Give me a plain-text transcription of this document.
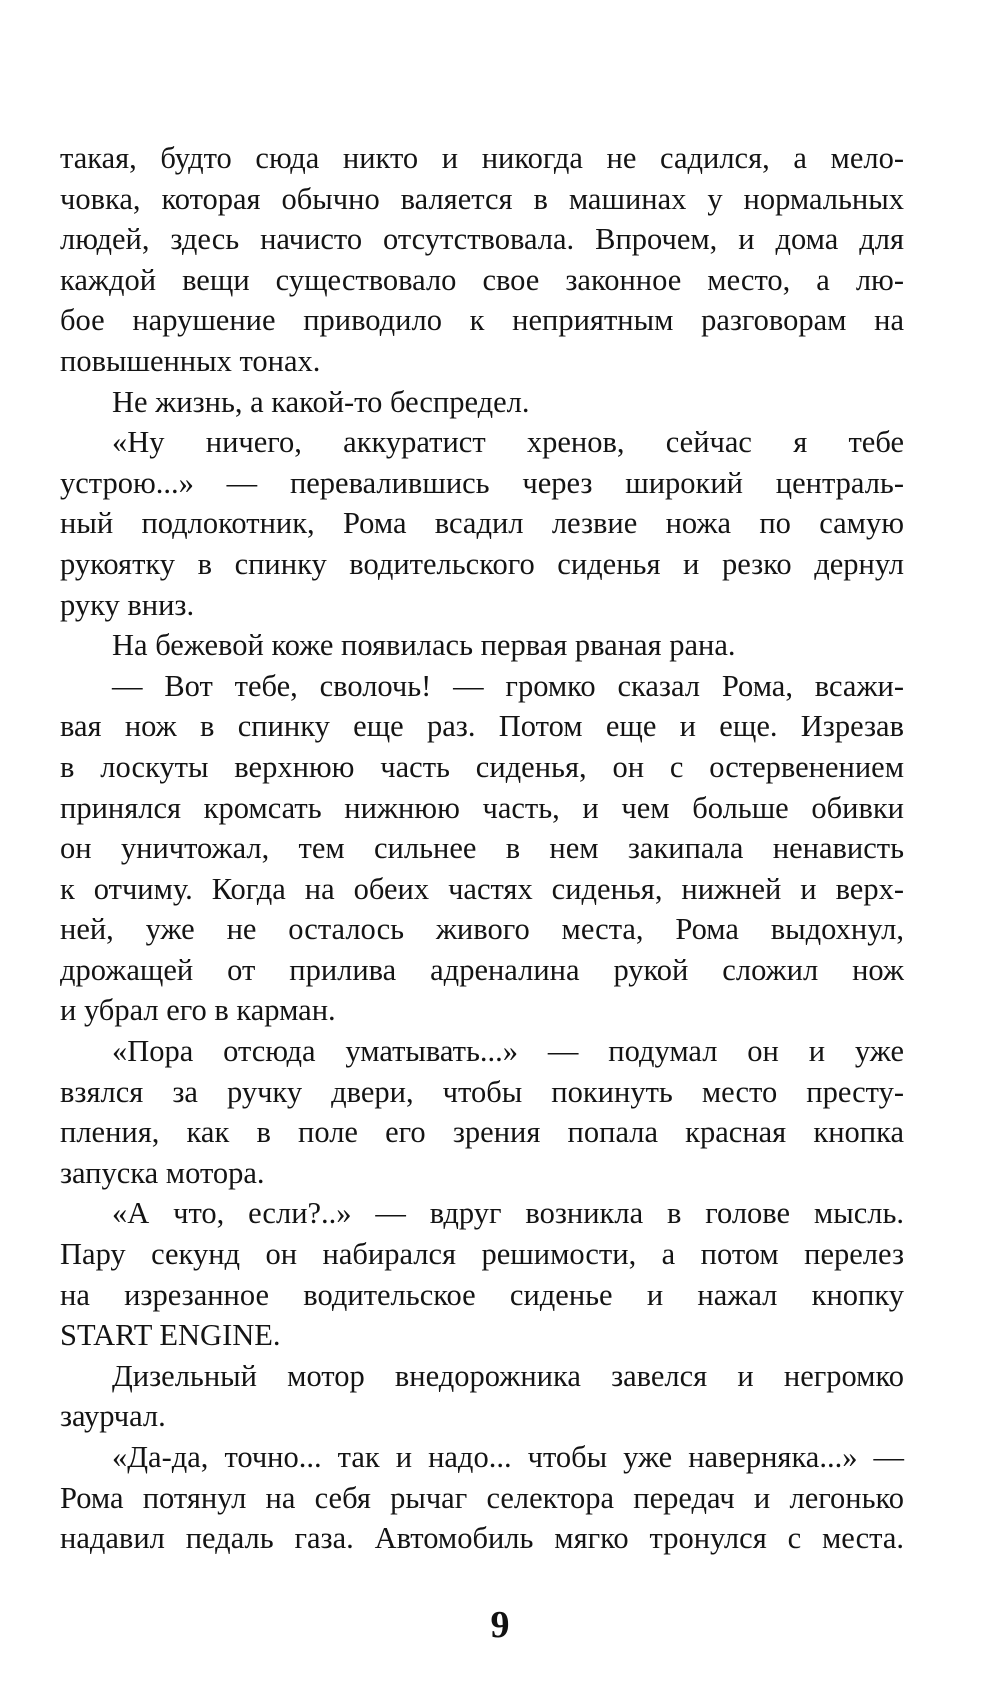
такая, будто сюда никто и никогда не садился, а мело-
човка, которая обычно валяется в машинах у нормальных
людей, здесь начисто отсутствовала. Впрочем, и дома для
каждой вещи существовало свое законное место, а лю-
бое нарушение приводило к неприятным разговорам на
повышенных тонах.
Не жизнь, а какой-то беспредел.
«Ну ничего, аккуратист хренов, сейчас я тебе
устрою...» — перевалившись через широкий централь-
ный подлокотник, Рома всадил лезвие ножа по самую
рукоятку в спинку водительского сиденья и резко дернул
руку вниз.
На бежевой коже появилась первая рваная рана.
— Вот тебе, сволочь! — громко сказал Рома, всажи-
вая нож в спинку еще раз. Потом еще и еще. Изрезав
в лоскуты верхнюю часть сиденья, он с остервенением
принялся кромсать нижнюю часть, и чем больше обивки
он уничтожал, тем сильнее в нем закипала ненависть
к отчиму. Когда на обеих частях сиденья, нижней и верх-
ней, уже не осталось живого места, Рома выдохнул,
дрожащей от прилива адреналина рукой сложил нож
и убрал его в карман.
«Пора отсюда уматывать...» — подумал он и уже
взялся за ручку двери, чтобы покинуть место престу-
пления, как в поле его зрения попала красная кнопка
запуска мотора.
«А что, если?..» — вдруг возникла в голове мысль.
Пару секунд он набирался решимости, а потом перелез
на изрезанное водительское сиденье и нажал кнопку
START ENGINE.
Дизельный мотор внедорожника завелся и негромко
заурчал.
«Да-да, точно... так и надо... чтобы уже наверняка...» —
Рома потянул на себя рычаг селектора передач и легонько
надавил педаль газа. Автомобиль мягко тронулся с места.
9
